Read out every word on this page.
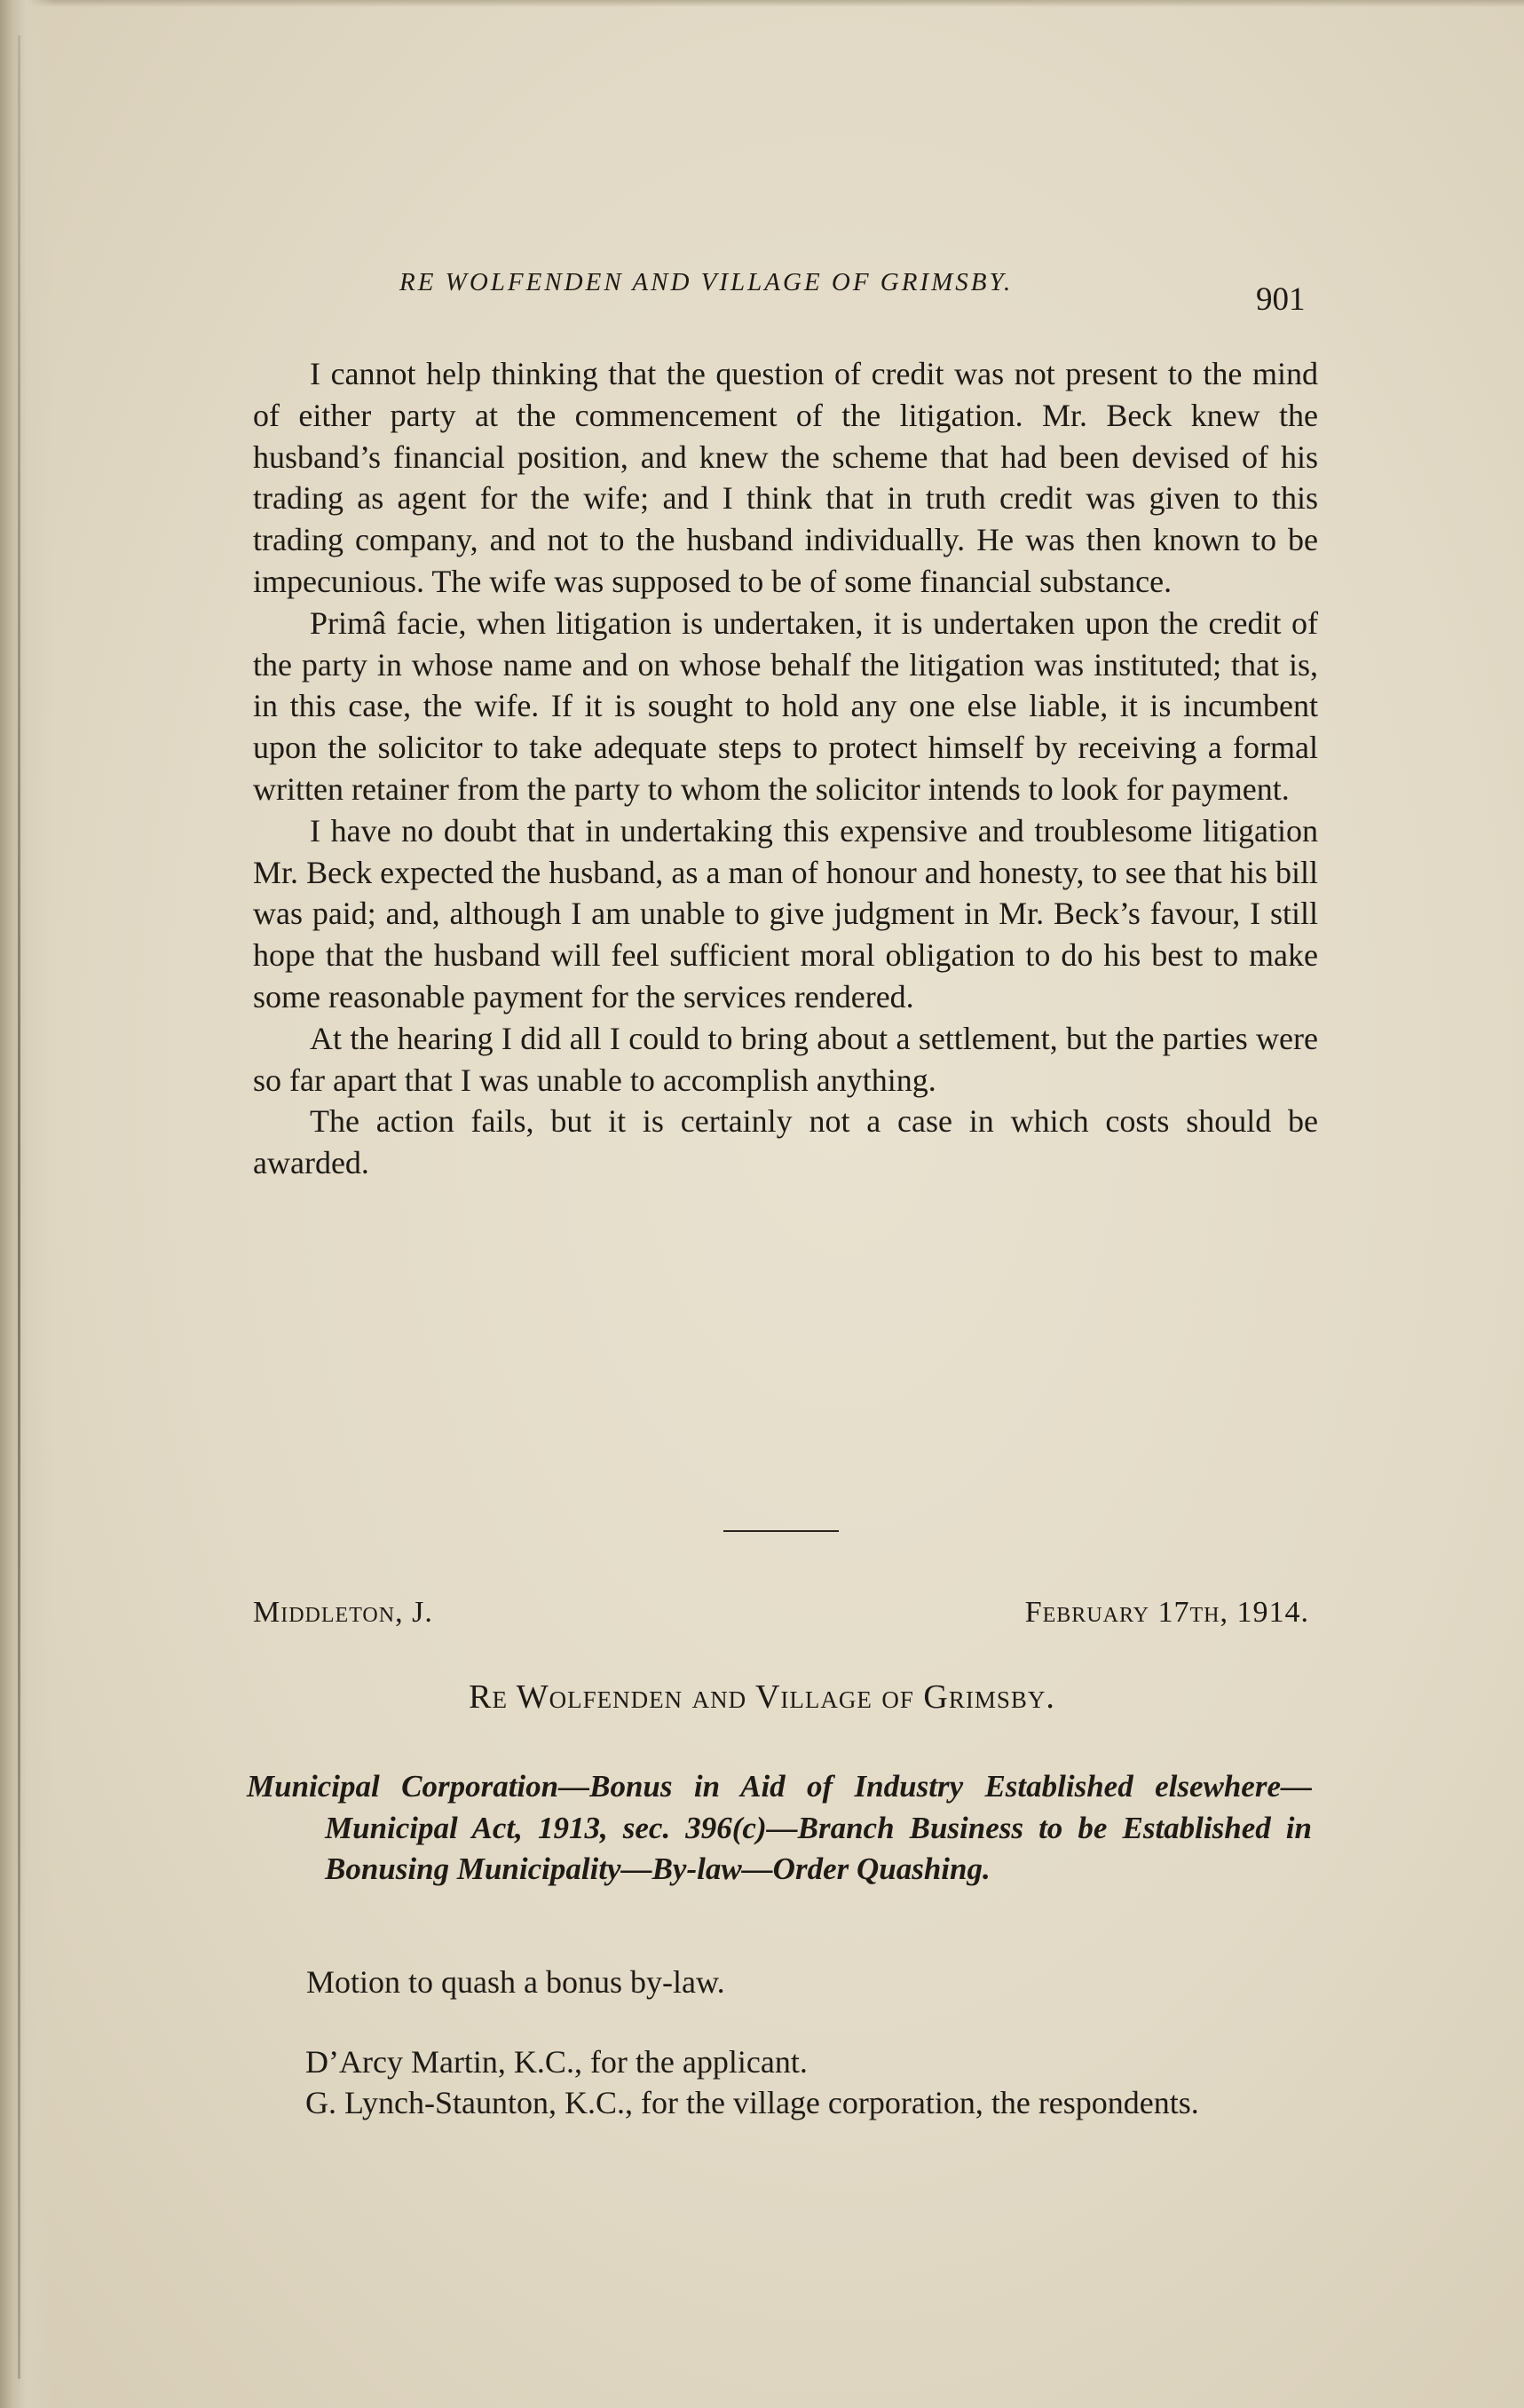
RE WOLFENDEN AND VILLAGE OF GRIMSBY.	901

I cannot help thinking that the question of credit was not present to the mind of either party at the commencement of the litigation. Mr. Beck knew the husband’s financial position, and knew the scheme that had been devised of his trading as agent for the wife; and I think that in truth credit was given to this trading company, and not to the husband individually. He was then known to be impecunious. The wife was supposed to be of some financial substance.

Primâ facie, when litigation is undertaken, it is undertaken upon the credit of the party in whose name and on whose behalf the litigation was instituted; that is, in this case, the wife. If it is sought to hold any one else liable, it is incumbent upon the solicitor to take adequate steps to protect himself by receiving a formal written retainer from the party to whom the solicitor intends to look for payment.

I have no doubt that in undertaking this expensive and troublesome litigation Mr. Beck expected the husband, as a man of honour and honesty, to see that his bill was paid; and, although I am unable to give judgment in Mr. Beck’s favour, I still hope that the husband will feel sufficient moral obligation to do his best to make some reasonable payment for the services rendered.

At the hearing I did all I could to bring about a settlement, but the parties were so far apart that I was unable to accomplish anything.

The action fails, but it is certainly not a case in which costs should be awarded.

Middleton, J.	February 17th, 1914.
Re Wolfenden and Village of Grimsby.
Municipal Corporation—Bonus in Aid of Industry Established elsewhere—Municipal Act, 1913, sec. 396(c)—Branch Business to be Established in Bonusing Municipality—By-law—Order Quashing.
Motion to quash a bonus by-law.

D’Arcy Martin, K.C., for the applicant.

G. Lynch-Staunton, K.C., for the village corporation, the respondents.
